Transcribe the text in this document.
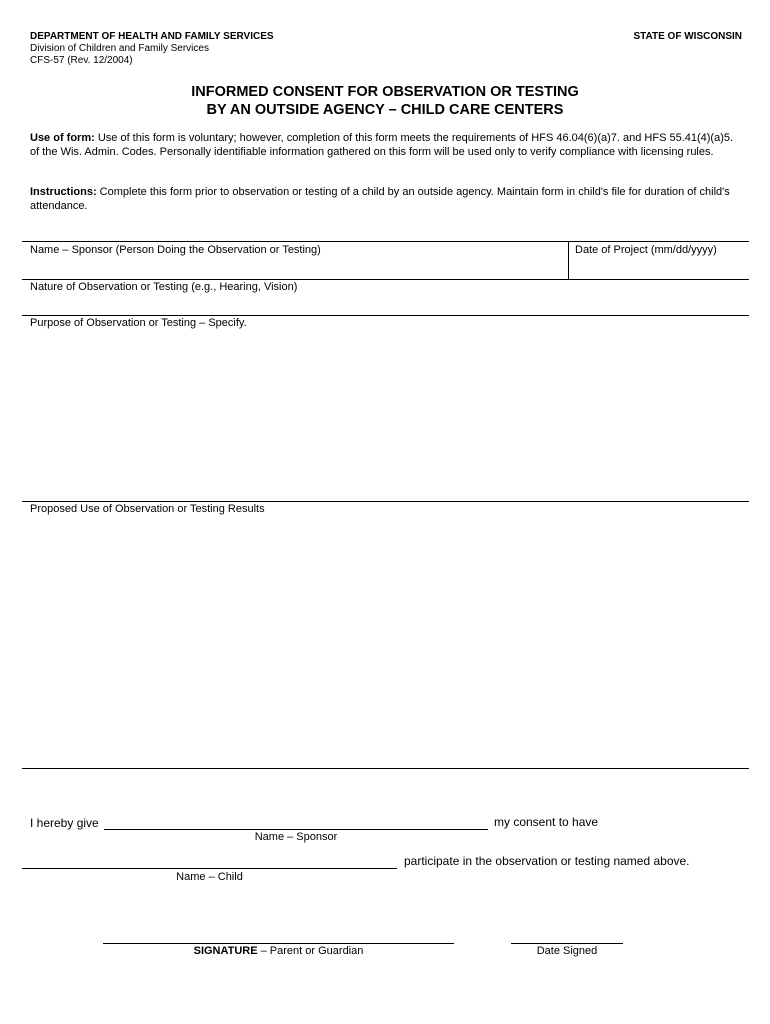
DEPARTMENT OF HEALTH AND FAMILY SERVICES
Division of Children and Family Services
CFS-57 (Rev. 12/2004)
STATE OF WISCONSIN
INFORMED CONSENT FOR OBSERVATION OR TESTING
BY AN OUTSIDE AGENCY – CHILD CARE CENTERS
Use of form: Use of this form is voluntary; however, completion of this form meets the requirements of HFS 46.04(6)(a)7. and HFS 55.41(4)(a)5. of the Wis. Admin. Codes. Personally identifiable information gathered on this form will be used only to verify compliance with licensing rules.
Instructions: Complete this form prior to observation or testing of a child by an outside agency. Maintain form in child's file for duration of child's attendance.
Name – Sponsor (Person Doing the Observation or Testing)	Date of Project (mm/dd/yyyy)
Nature of Observation or Testing (e.g., Hearing, Vision)
Purpose of Observation or Testing – Specify.
Proposed Use of Observation or Testing Results
I hereby give	my consent to have
Name – Sponsor
participate in the observation or testing named above.
Name – Child
SIGNATURE – Parent or Guardian	Date Signed
